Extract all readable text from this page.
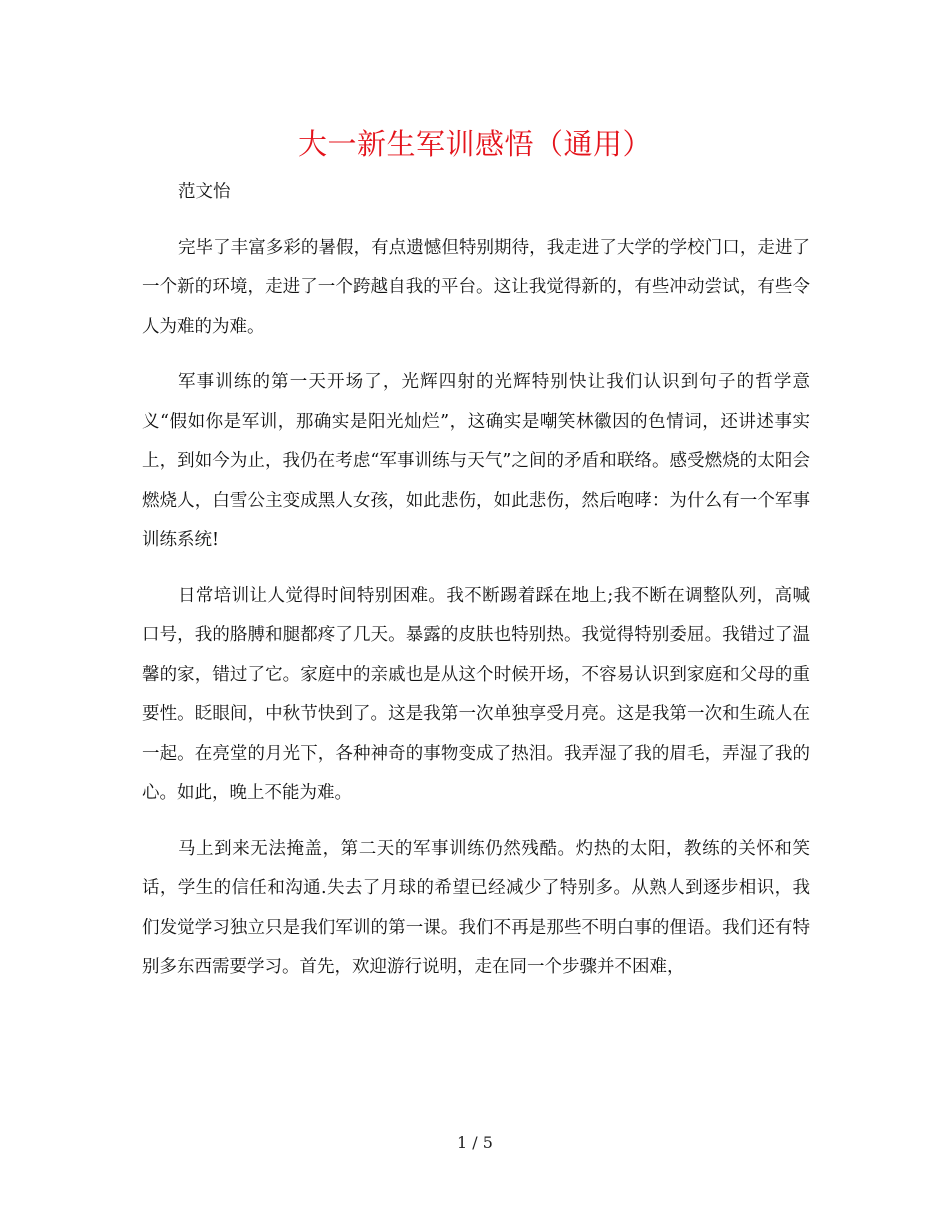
大一新生军训感悟（通用）

范文怡

完毕了丰富多彩的暑假，有点遗憾但特别期待，我走进了大学的学校门口，走进了一个新的环境，走进了一个跨越自我的平台。这让我觉得新的，有些冲动尝试，有些令人为难的为难。

军事训练的第一天开场了，光辉四射的光辉特别快让我们认识到句子的哲学意义“假如你是军训，那确实是阳光灿烂”，这确实是嘲笑林徽因的色情词，还讲述事实上，到如今为止，我仍在考虑“军事训练与天气”之间的矛盾和联络。感受燃烧的太阳会燃烧人，白雪公主变成黑人女孩，如此悲伤，如此悲伤，然后咆哮：为什么有一个军事训练系统!

日常培训让人觉得时间特别困难。我不断踢着踩在地上;我不断在调整队列，高喊口号，我的胳膊和腿都疼了几天。暴露的皮肤也特别热。我觉得特别委屈。我错过了温馨的家，错过了它。家庭中的亲戚也是从这个时候开场，不容易认识到家庭和父母的重要性。眨眼间，中秋节快到了。这是我第一次单独享受月亮。这是我第一次和生疏人在一起。在亮堂的月光下，各种神奇的事物变成了热泪。我弄湿了我的眉毛，弄湿了我的心。如此，晚上不能为难。

马上到来无法掩盖，第二天的军事训练仍然残酷。灼热的太阳，教练的关怀和笑话，学生的信任和沟通.失去了月球的希望已经减少了特别多。从熟人到逐步相识，我们发觉学习独立只是我们军训的第一课。我们不再是那些不明白事的俚语。我们还有特别多东西需要学习。首先，欢迎游行说明，走在同一个步骤并不困难，

1 / 5
